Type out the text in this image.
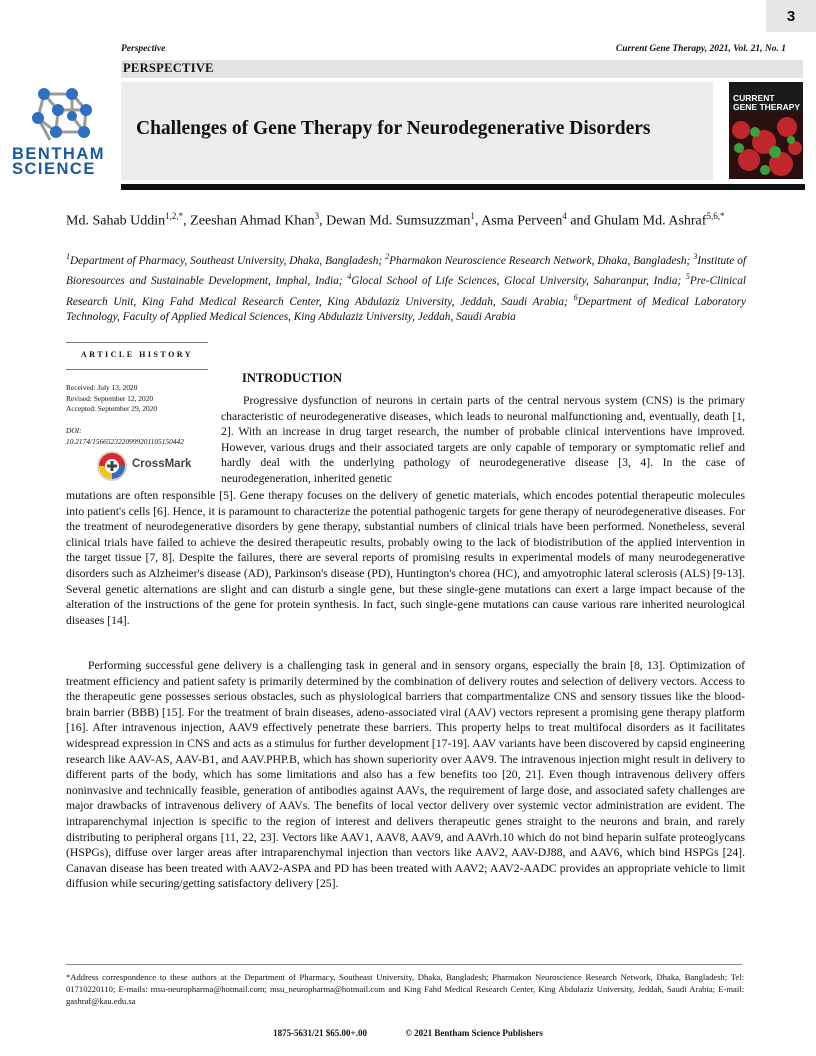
3
Perspective	Current Gene Therapy, 2021, Vol. 21, No. 1
PERSPECTIVE
BENTHAM
SCIENCE
Challenges of Gene Therapy for Neurodegenerative Disorders
CURRENT
GENE THERAPY
Md. Sahab Uddin$^{1,2,*}$, Zeeshan Ahmad Khan$^3$, Dewan Md. Sumsuzzman$^1$, Asma Perveen$^4$ and Ghulam Md. Ashraf$^{5,6,*}$
$^1$Department of Pharmacy, Southeast University, Dhaka, Bangladesh; $^2$Pharmakon Neuroscience Research Network, Dhaka, Bangladesh; $^3$Institute of Bioresources and Sustainable Development, Imphal, India; $^4$Glocal School of Life Sciences, Glocal University, Saharanpur, India; $^5$Pre-Clinical Research Unit, King Fahd Medical Research Center, King Abdulaziz University, Jeddah, Saudi Arabia; $^6$Department of Medical Laboratory Technology, Faculty of Applied Medical Sciences, King Abdulaziz University, Jeddah, Saudi Arabia
ARTICLE HISTORY
Received: July 13, 2020
Revised: September 12, 2020
Accepted: September 29, 2020
DOI:
10.2174/1566523220999201105150442
CrossMark
INTRODUCTION
Progressive dysfunction of neurons in certain parts of the central nervous system (CNS) is the primary characteristic of neurodegenerative diseases, which leads to neuronal malfunctioning and, eventually, death [1, 2]. With an increase in drug target research, the number of probable clinical interventions have improved. However, various drugs and their associated targets are only capable of temporary or symptomatic relief and hardly deal with the underlying pathology of neurodegenerative disease [3, 4]. In the case of neurodegeneration, inherited genetic
mutations are often responsible [5]. Gene therapy focuses on the delivery of genetic materials, which encodes potential therapeutic molecules into patient's cells [6]. Hence, it is paramount to characterize the potential pathogenic targets for gene therapy of neurodegenerative diseases. For the treatment of neurodegenerative disorders by gene therapy, substantial numbers of clinical trials have been performed. Nonetheless, several clinical trials have failed to achieve the desired therapeutic results, probably owing to the lack of biodistribution of the applied intervention in the target tissue [7, 8]. Despite the failures, there are several reports of promising results in experimental models of many neurodegenerative disorders such as Alzheimer's disease (AD), Parkinson's disease (PD), Huntington's chorea (HC), and amyotrophic lateral sclerosis (ALS) [9-13]. Several genetic alternations are slight and can disturb a single gene, but these single-gene mutations can exert a large impact because of the alteration of the instructions of the gene for protein synthesis. In fact, such single-gene mutations can cause various rare inherited neurological diseases [14].
Performing successful gene delivery is a challenging task in general and in sensory organs, especially the brain [8, 13]. Optimization of treatment efficiency and patient safety is primarily determined by the combination of delivery routes and selection of delivery vectors. Access to the therapeutic gene possesses serious obstacles, such as physiological barriers that compartmentalize CNS and sensory tissues like the blood-brain barrier (BBB) [15]. For the treatment of brain diseases, adeno-associated viral (AAV) vectors represent a promising gene therapy platform [16]. After intravenous injection, AAV9 effectively penetrate these barriers. This property helps to treat multifocal disorders as it facilitates widespread expression in CNS and acts as a stimulus for further development [17-19]. AAV variants have been discovered by capsid engineering research like AAV-AS, AAV-B1, and AAV.PHP.B, which has shown superiority over AAV9. The intravenous injection might result in delivery to different parts of the body, which has some limitations and also has a few benefits too [20, 21]. Even though intravenous delivery offers noninvasive and technically feasible, generation of antibodies against AAVs, the requirement of large dose, and associated safety challenges are major drawbacks of intravenous delivery of AAVs. The benefits of local vector delivery over systemic vector administration are evident. The intraparenchymal injection is specific to the region of interest and delivers therapeutic genes straight to the neurons and brain, and rarely distributing to peripheral organs [11, 22, 23]. Vectors like AAV1, AAV8, AAV9, and AAVrh.10 which do not bind heparin sulfate proteoglycans (HSPGs), diffuse over larger areas after intraparenchymal injection than vectors like AAV2, AAV-DJ88, and AAV6, which bind HSPGs [24]. Canavan disease has been treated with AAV2-ASPA and PD has been treated with AAV2; AAV2-AADC provides an appropriate vehicle to limit diffusion while securing/getting satisfactory delivery [25].
*Address correspondence to these authors at the Department of Pharmacy, Southeast University, Dhaka, Bangladesh; Pharmakon Neuroscience Research Network, Dhaka, Bangladesh; Tel: 01710220110; E-mails: msu-neuropharma@hotmail.com; msu_neuropharma@hotmail.com and King Fahd Medical Research Center, King Abdulaziz University, Jeddah, Saudi Arabia; E-mail: gashraf@kau.edu.sa
1875-5631/21 $65.00+.00	© 2021 Bentham Science Publishers
